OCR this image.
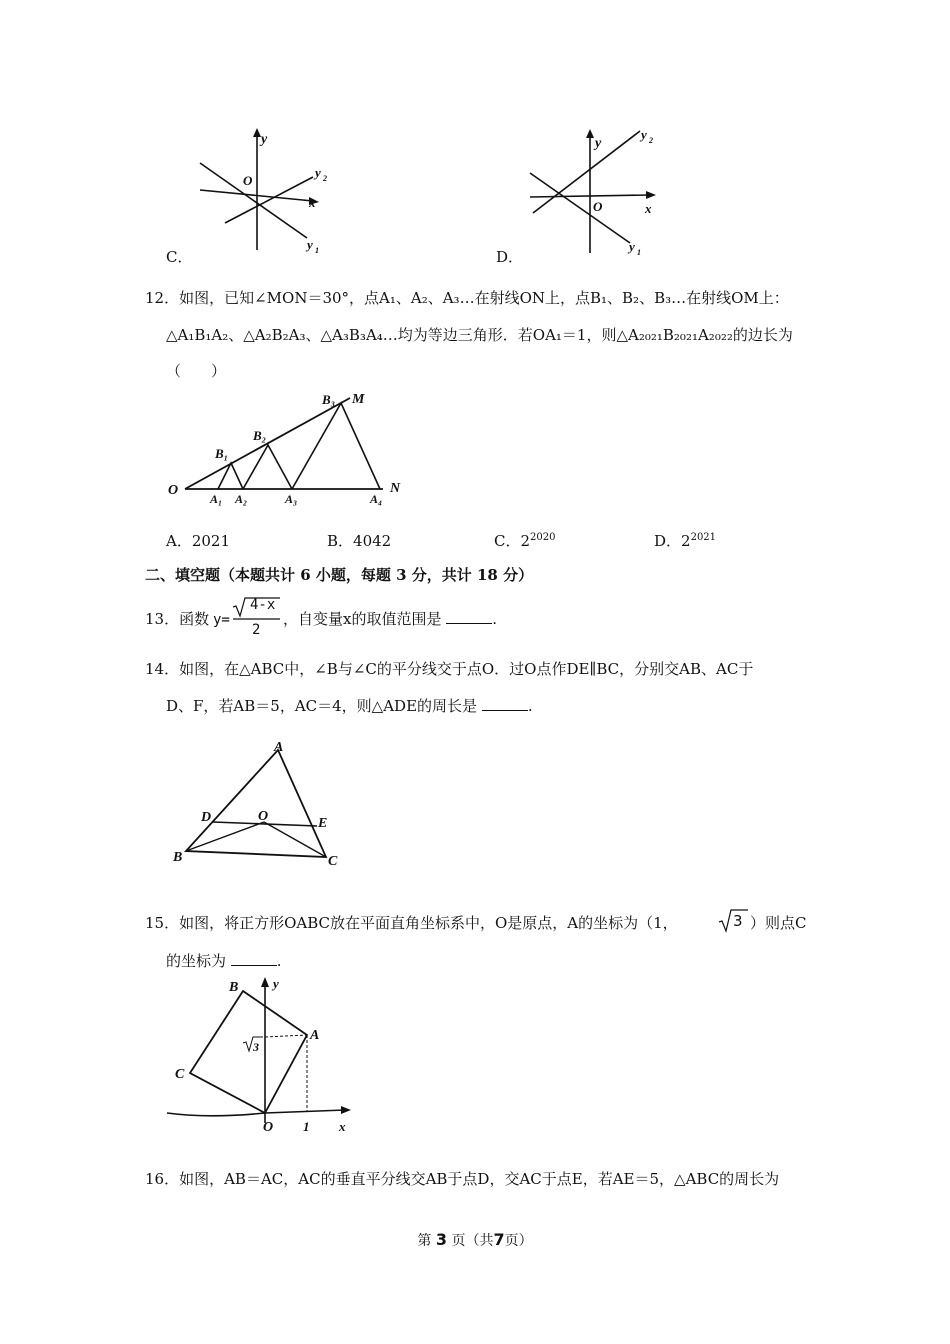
y
x
O
y 2
y 1
C．
y
x
O
y 2
y 1
D．
12．如图，已知∠MON＝30°，点A₁、A₂、A₃…在射线ON上，点B₁、B₂、B₃…在射线OM上：
△A₁B₁A₂、△A₂B₂A₃、△A₃B₃A₄…均为等边三角形．若OA₁＝1，则△A₂₀₂₁B₂₀₂₁A₂₀₂₂的边长为
（　　）
O
M
N
A₁ A₂	A₃	A₄
B₁
B₂
B₃
A．2021	B．4042	C．$2^{2020}$	D．$2^{2021}$
二、填空题（本题共计 6 小题，每题 3 分，共计 18 分）
13．函数 y=
4-x
2
，自变量x的取值范围是	.
14．如图，在△ABC中，∠B与∠C的平分线交于点O．过O点作DE∥BC，分别交AB、AC于
D、F，若AB＝5，AC＝4，则△ADE的周长是	.
A
D	O	E
B	C
15．如图，将正方形OABC放在平面直角坐标系中，O是原点，A的坐标为（1，	3 ）则点C
的坐标为	.
3
B
A
C
O
y
1 x
16．如图，AB＝AC，AC的垂直平分线交AB于点D，交AC于点E，若AE＝5，△ABC的周长为
第 3 页（共7页）
